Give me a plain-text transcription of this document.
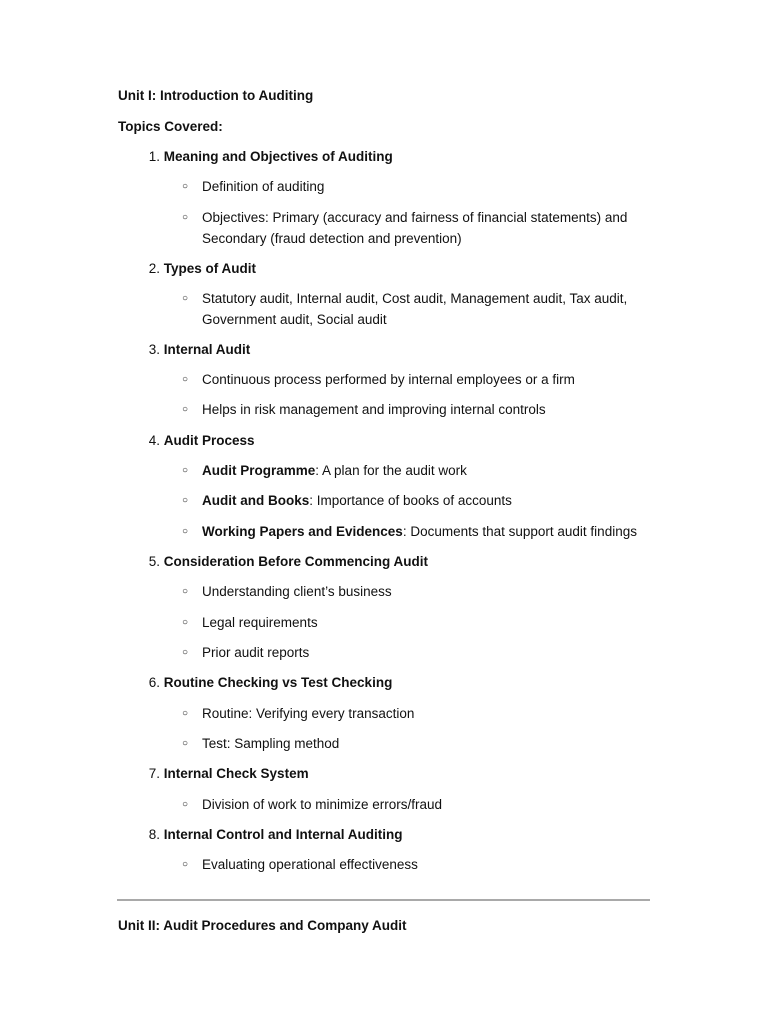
Unit I: Introduction to Auditing
Topics Covered:
1. Meaning and Objectives of Auditing
○ Definition of auditing
○ Objectives: Primary (accuracy and fairness of financial statements) and Secondary (fraud detection and prevention)
2. Types of Audit
○ Statutory audit, Internal audit, Cost audit, Management audit, Tax audit, Government audit, Social audit
3. Internal Audit
○ Continuous process performed by internal employees or a firm
○ Helps in risk management and improving internal controls
4. Audit Process
○ Audit Programme: A plan for the audit work
○ Audit and Books: Importance of books of accounts
○ Working Papers and Evidences: Documents that support audit findings
5. Consideration Before Commencing Audit
○ Understanding client’s business
○ Legal requirements
○ Prior audit reports
6. Routine Checking vs Test Checking
○ Routine: Verifying every transaction
○ Test: Sampling method
7. Internal Check System
○ Division of work to minimize errors/fraud
8. Internal Control and Internal Auditing
○ Evaluating operational effectiveness
Unit II: Audit Procedures and Company Audit
